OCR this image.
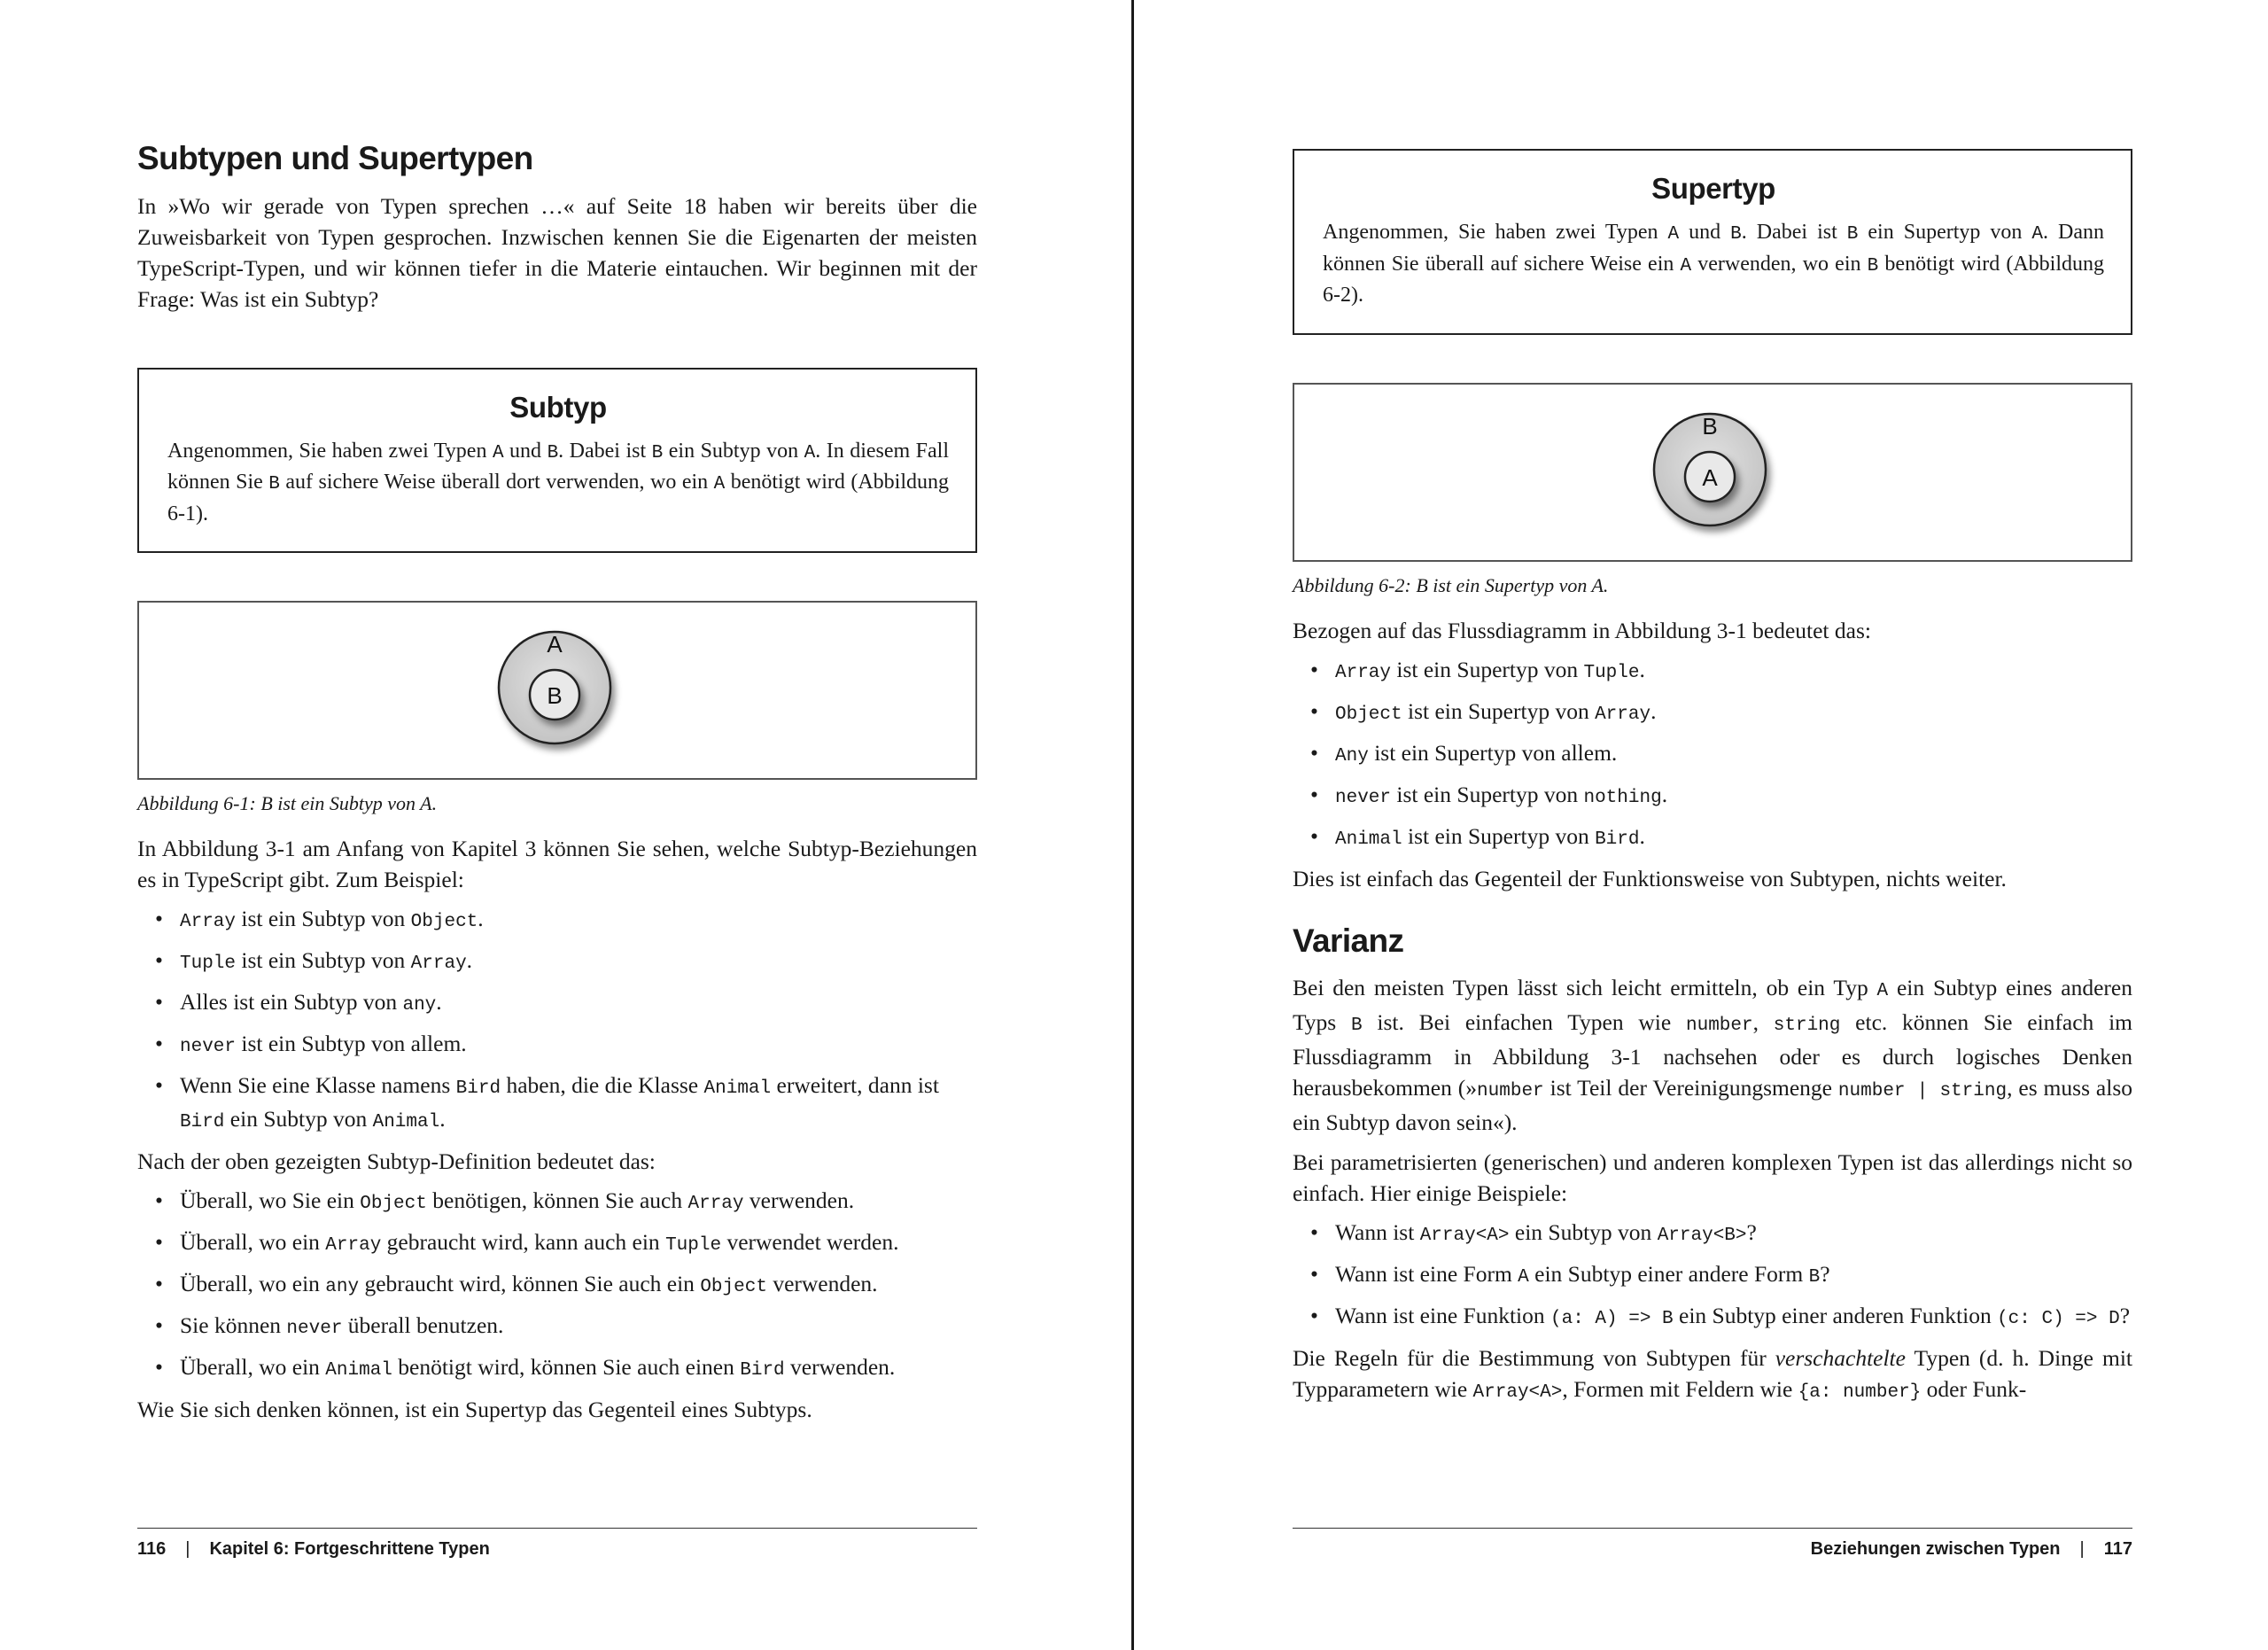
Subtypen und Supertypen

In »Wo wir gerade von Typen sprechen …« auf Seite 18 haben wir bereits über die Zuweisbarkeit von Typen gesprochen. Inzwischen kennen Sie die Eigenarten der meisten TypeScript-Typen, und wir können tiefer in die Materie eintauchen. Wir beginnen mit der Frage: Was ist ein Subtyp?

Subtyp

Angenommen, Sie haben zwei Typen A und B. Dabei ist B ein Subtyp von A. In diesem Fall können Sie B auf sichere Weise überall dort verwenden, wo ein A benötigt wird (Abbildung 6-1).

A
B
Abbildung 6-1: B ist ein Subtyp von A.

In Abbildung 3-1 am Anfang von Kapitel 3 können Sie sehen, welche Subtyp-Beziehungen es in TypeScript gibt. Zum Beispiel:

• Array ist ein Subtyp von Object.
• Tuple ist ein Subtyp von Array.
• Alles ist ein Subtyp von any.
• never ist ein Subtyp von allem.
• Wenn Sie eine Klasse namens Bird haben, die die Klasse Animal erweitert, dann ist Bird ein Subtyp von Animal.

Nach der oben gezeigten Subtyp-Definition bedeutet das:

• Überall, wo Sie ein Object benötigen, können Sie auch Array verwenden.
• Überall, wo ein Array gebraucht wird, kann auch ein Tuple verwendet werden.
• Überall, wo ein any gebraucht wird, können Sie auch ein Object verwenden.
• Sie können never überall benutzen.
• Überall, wo ein Animal benötigt wird, können Sie auch einen Bird verwenden.

Wie Sie sich denken können, ist ein Supertyp das Gegenteil eines Subtyps.

116 | Kapitel 6: Fortgeschrittene Typen
Supertyp

Angenommen, Sie haben zwei Typen A und B. Dabei ist B ein Supertyp von A. Dann können Sie überall auf sichere Weise ein A verwenden, wo ein B benötigt wird (Abbildung 6-2).

B
A
Abbildung 6-2: B ist ein Supertyp von A.

Bezogen auf das Flussdiagramm in Abbildung 3-1 bedeutet das:

• Array ist ein Supertyp von Tuple.
• Object ist ein Supertyp von Array.
• Any ist ein Supertyp von allem.
• never ist ein Supertyp von nothing.
• Animal ist ein Supertyp von Bird.

Dies ist einfach das Gegenteil der Funktionsweise von Subtypen, nichts weiter.

Varianz

Bei den meisten Typen lässt sich leicht ermitteln, ob ein Typ A ein Subtyp eines anderen Typs B ist. Bei einfachen Typen wie number, string etc. können Sie einfach im Flussdiagramm in Abbildung 3-1 nachsehen oder es durch logisches Denken herausbekommen (»number ist Teil der Vereinigungsmenge number | string, es muss also ein Subtyp davon sein«).

Bei parametrisierten (generischen) und anderen komplexen Typen ist das allerdings nicht so einfach. Hier einige Beispiele:

• Wann ist Array<A> ein Subtyp von Array<B>?
• Wann ist eine Form A ein Subtyp einer andere Form B?
• Wann ist eine Funktion (a: A) => B ein Subtyp einer anderen Funktion (c: C) => D?

Die Regeln für die Bestimmung von Subtypen für verschachtelte Typen (d. h. Dinge mit Typparametern wie Array<A>, Formen mit Feldern wie {a: number} oder Funk-

Beziehungen zwischen Typen | 117
